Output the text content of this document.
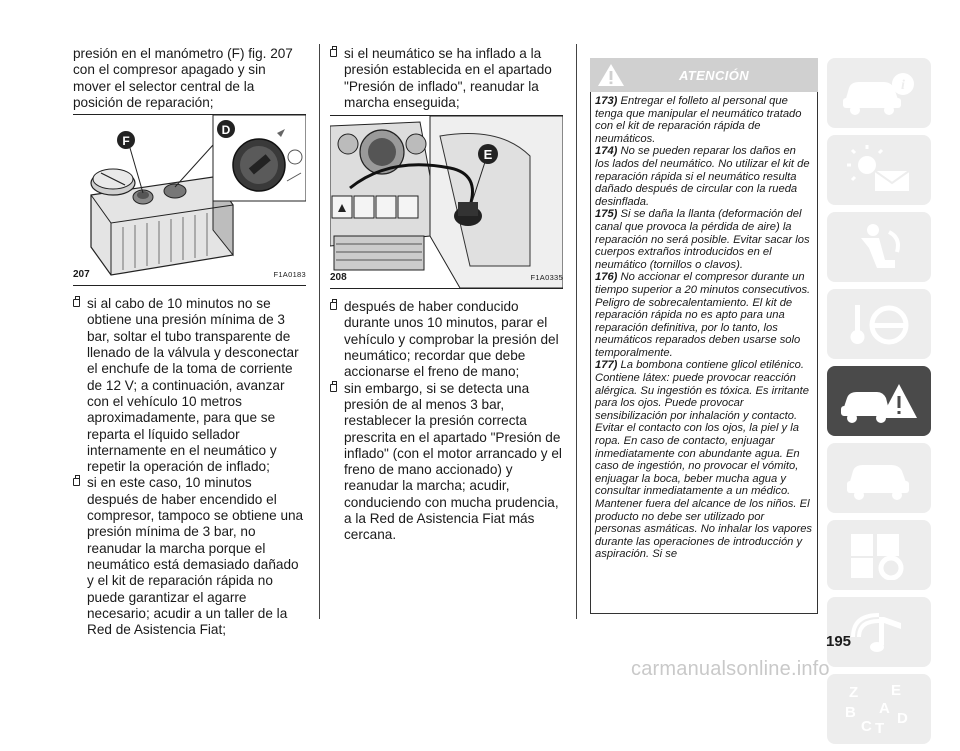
presión en el manómetro (F) fig. 207 con el compresor apagado y sin mover el selector central de la posición de reparación;

F
D
207	F1A0183

si al cabo de 10 minutos no se obtiene una presión mínima de 3 bar, soltar el tubo transparente de llenado de la válvula y desconectar el enchufe de la toma de corriente de 12 V; a continuación, avanzar con el vehículo 10 metros aproximadamente, para que se reparta el líquido sellador internamente en el neumático y repetir la operación de inflado;

si en este caso, 10 minutos después de haber encendido el compresor, tampoco se obtiene una presión mínima de 3 bar, no reanudar la marcha porque el neumático está demasiado dañado y el kit de reparación rápida no puede garantizar el agarre necesario; acudir a un taller de la Red de Asistencia Fiat;

si el neumático se ha inflado a la presión establecida en el apartado "Presión de inflado", reanudar la marcha enseguida;

E
208	F1A0335

después de haber conducido durante unos 10 minutos, parar el vehículo y comprobar la presión del neumático; recordar que debe accionarse el freno de mano;

sin embargo, si se detecta una presión de al menos 3 bar, restablecer la presión correcta prescrita en el apartado "Presión de inflado" (con el motor arrancado y el freno de mano accionado) y reanudar la marcha; acudir, conduciendo con mucha prudencia, a la Red de Asistencia Fiat más cercana.

ATENCIÓN

173) Entregar el folleto al personal que tenga que manipular el neumático tratado con el kit de reparación rápida de neumáticos.

174) No se pueden reparar los daños en los lados del neumático. No utilizar el kit de reparación rápida si el neumático resulta dañado después de circular con la rueda desinflada.

175) Si se daña la llanta (deformación del canal que provoca la pérdida de aire) la reparación no será posible. Evitar sacar los cuerpos extraños introducidos en el neumático (tornillos o clavos).

176) No accionar el compresor durante un tiempo superior a 20 minutos consecutivos. Peligro de sobrecalentamiento. El kit de reparación rápida no es apto para una reparación definitiva, por lo tanto, los neumáticos reparados deben usarse solo temporalmente.

177) La bombona contiene glicol etilénico. Contiene látex: puede provocar reacción alérgica. Su ingestión es tóxica. Es irritante para los ojos. Puede provocar sensibilización por inhalación y contacto. Evitar el contacto con los ojos, la piel y la ropa. En caso de contacto, enjuagar inmediatamente con abundante agua. En caso de ingestión, no provocar el vómito, enjuagar la boca, beber mucha agua y consultar inmediatamente a un médico. Mantener fuera del alcance de los niños. El producto no debe ser utilizado por personas asmáticas. No inhalar los vapores durante las operaciones de introducción y aspiración. Si se

i
Z E
B A
C T
D
195
carmanualsonline.info
